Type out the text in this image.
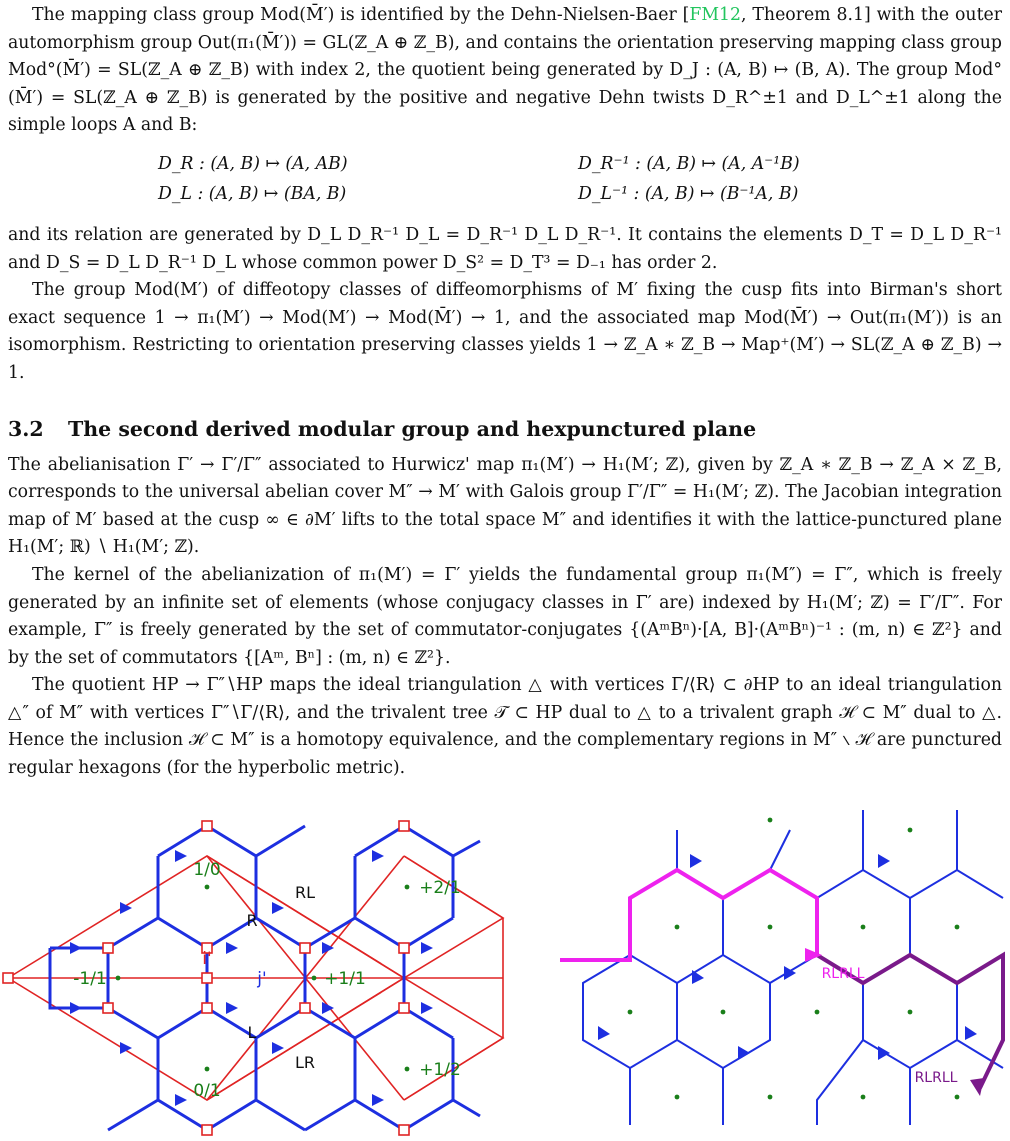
The mapping class group Mod(M̄′) is identified by the Dehn-Nielsen-Baer [FM12, Theorem 8.1] with the outer automorphism group Out(π₁(M̄′)) = GL(ℤ_A ⊕ ℤ_B), and contains the orientation preserving mapping class group Mod°(M̄′) = SL(ℤ_A ⊕ ℤ_B) with index 2, the quotient being generated by D_J : (A, B) ↦ (B, A). The group Mod°(M̄′) = SL(ℤ_A ⊕ ℤ_B) is generated by the positive and negative Dehn twists D_R^±1 and D_L^±1 along the simple loops A and B:

D_R : (A, B) ↦ (A, AB)	D_R⁻¹ : (A, B) ↦ (A, A⁻¹B)
D_L : (A, B) ↦ (BA, B)	D_L⁻¹ : (A, B) ↦ (B⁻¹A, B)

and its relation are generated by D_L D_R⁻¹ D_L = D_R⁻¹ D_L D_R⁻¹. It contains the elements D_T = D_L D_R⁻¹ and D_S = D_L D_R⁻¹ D_L whose common power D_S² = D_T³ = D₋₁ has order 2.

The group Mod(M′) of diffeotopy classes of diffeomorphisms of M′ fixing the cusp fits into Birman's short exact sequence 1 → π₁(M′) → Mod(M′) → Mod(M̄′) → 1, and the associated map Mod(M̄′) → Out(π₁(M′)) is an isomorphism. Restricting to orientation preserving classes yields 1 → ℤ_A ∗ ℤ_B → Map⁺(M′) → SL(ℤ_A ⊕ ℤ_B) → 1.

3.2 The second derived modular group and hexpunctured plane

The abelianisation Γ′ → Γ′/Γ″ associated to Hurwicz' map π₁(M′) → H₁(M′; ℤ), given by ℤ_A ∗ ℤ_B → ℤ_A × ℤ_B, corresponds to the universal abelian cover M″ → M′ with Galois group Γ′/Γ″ = H₁(M′; ℤ). The Jacobian integration map of M′ based at the cusp ∞ ∈ ∂M′ lifts to the total space M″ and identifies it with the lattice-punctured plane H₁(M′; ℝ) ∖ H₁(M′; ℤ).

The kernel of the abelianization of π₁(M′) = Γ′ yields the fundamental group π₁(M″) = Γ″, which is freely generated by an infinite set of elements (whose conjugacy classes in Γ′ are) indexed by H₁(M′; ℤ) = Γ′/Γ″. For example, Γ″ is freely generated by the set of commutator-conjugates {(AᵐBⁿ)·[A, B]·(AᵐBⁿ)⁻¹ : (m, n) ∈ ℤ²} and by the set of commutators {[Aᵐ, Bⁿ] : (m, n) ∈ ℤ²}.

The quotient HP → Γ″∖HP maps the ideal triangulation △ with vertices Γ/⟨R⟩ ⊂ ∂HP to an ideal triangulation △″ of M″ with vertices Γ″∖Γ/⟨R⟩, and the trivalent tree 𝒯 ⊂ HP dual to △ to a trivalent graph ℋ ⊂ M″ dual to △. Hence the inclusion ℋ ⊂ M″ is a homotopy equivalence, and the complementary regions in M″ ∖ ℋ are punctured regular hexagons (for the hyperbolic metric).

1/0
0/1
-1/1	+1/1
+2/1
+1/2
i'
j'
R
L
RL
LR
RLRLL
RLRLL
